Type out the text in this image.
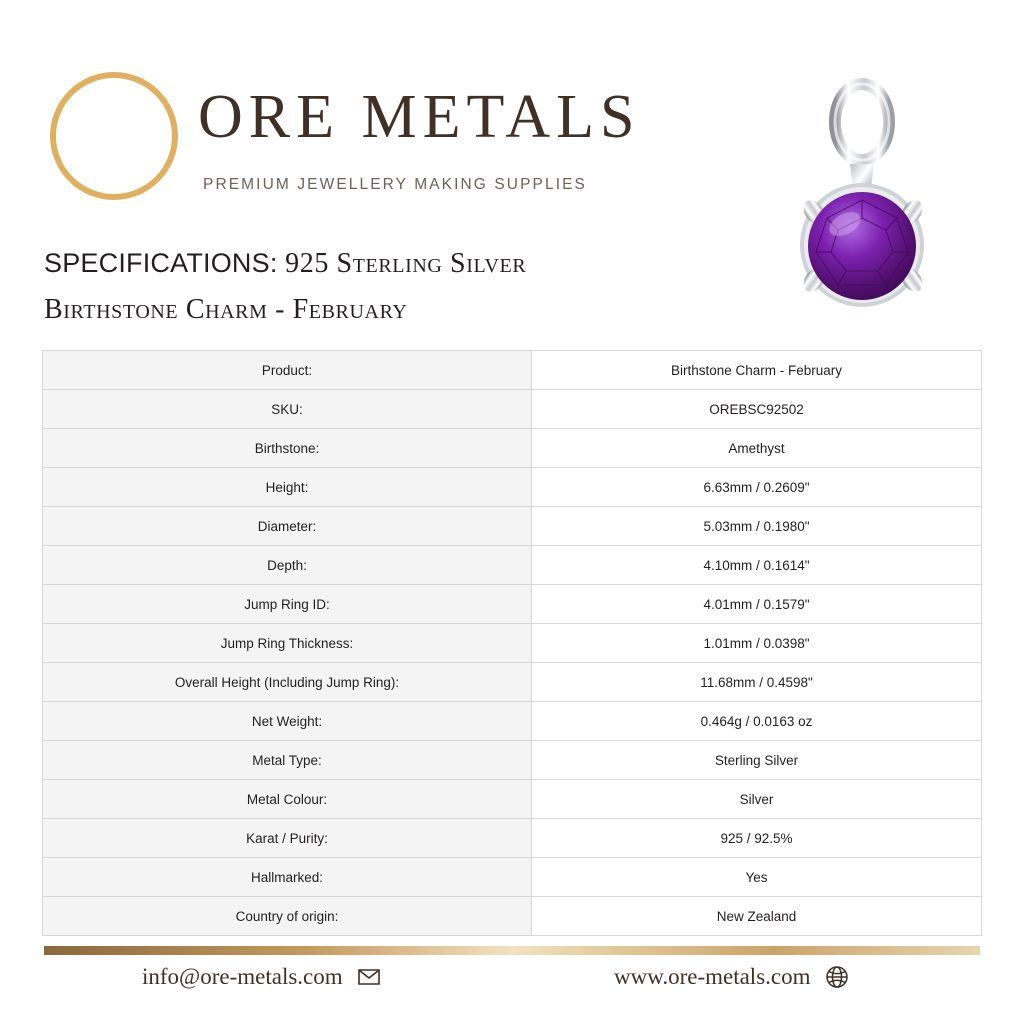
ORE METALS
PREMIUM JEWELLERY MAKING SUPPLIES
SPECIFICATIONS: 925 Sterling Silver
Birthstone Charm - February
Product:	Birthstone Charm - February
SKU:	OREBSC92502
Birthstone:	Amethyst
Height:	6.63mm / 0.2609"
Diameter:	5.03mm / 0.1980"
Depth:	4.10mm / 0.1614"
Jump Ring ID:	4.01mm / 0.1579"
Jump Ring Thickness:	1.01mm / 0.0398"
Overall Height (Including Jump Ring):	11.68mm / 0.4598"
Net Weight:	0.464g / 0.0163 oz
Metal Type:	Sterling Silver
Metal Colour:	Silver
Karat / Purity:	925 / 92.5%
Hallmarked:	Yes
Country of origin:	New Zealand
info@ore-metals.com	www.ore-metals.com
